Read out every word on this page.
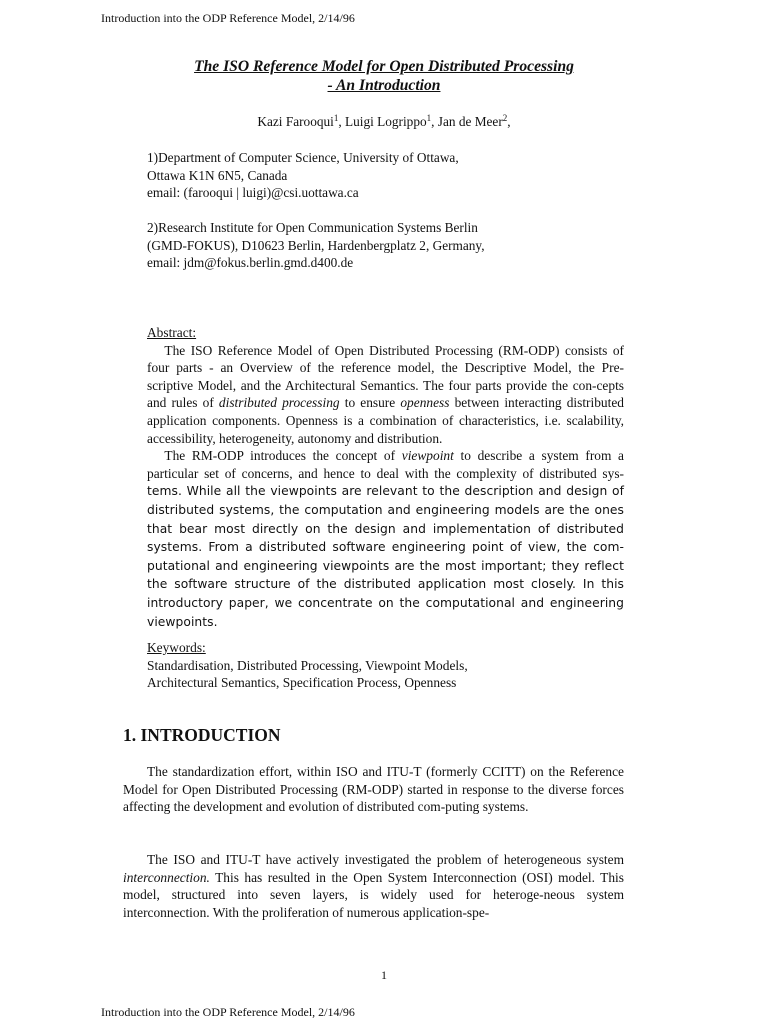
Introduction into the ODP Reference Model, 2/14/96
The ISO Reference Model for Open Distributed Processing
- An Introduction
Kazi Farooqui$^1$, Luigi Logrippo$^1$, Jan de Meer$^2$,
1)Department of Computer Science, University of Ottawa,
Ottawa K1N 6N5, Canada
email: (farooqui | luigi)@csi.uottawa.ca
2)Research Institute for Open Communication Systems Berlin
(GMD-FOKUS), D10623 Berlin, Hardenbergplatz 2, Germany,
email: jdm@fokus.berlin.gmd.d400.de
Abstract:

The ISO Reference Model of Open Distributed Processing (RM-ODP) consists of four parts - an Overview of the reference model, the Descriptive Model, the Pre-scriptive Model, and the Architectural Semantics. The four parts provide the con-cepts and rules of distributed processing to ensure openness between interacting distributed application components. Openness is a combination of characteristics, i.e. scalability, accessibility, heterogeneity, autonomy and distribution.

The RM-ODP introduces the concept of viewpoint to describe a system from a particular set of concerns, and hence to deal with the complexity of distributed sys- tems. While all the viewpoints are relevant to the description and design of distributed systems, the computation and engineering models are the ones that bear most directly on the design and implementation of distributed systems. From a distributed software engineering point of view, the com-putational and engineering viewpoints are the most important; they reflect the software structure of the distributed application most closely. In this introductory paper, we concentrate on the computational and engineering viewpoints.

Keywords:
Standardisation, Distributed Processing, Viewpoint Models,
Architectural Semantics, Specification Process, Openness
1. INTRODUCTION

The standardization effort, within ISO and ITU-T (formerly CCITT) on the Reference Model for Open Distributed Processing (RM-ODP) started in response to the diverse forces affecting the development and evolution of distributed com-puting systems.

The ISO and ITU-T have actively investigated the problem of heterogeneous system interconnection. This has resulted in the Open System Interconnection (OSI) model. This model, structured into seven layers, is widely used for heteroge-neous system interconnection. With the proliferation of numerous application-spe-

1
Introduction into the ODP Reference Model, 2/14/96
